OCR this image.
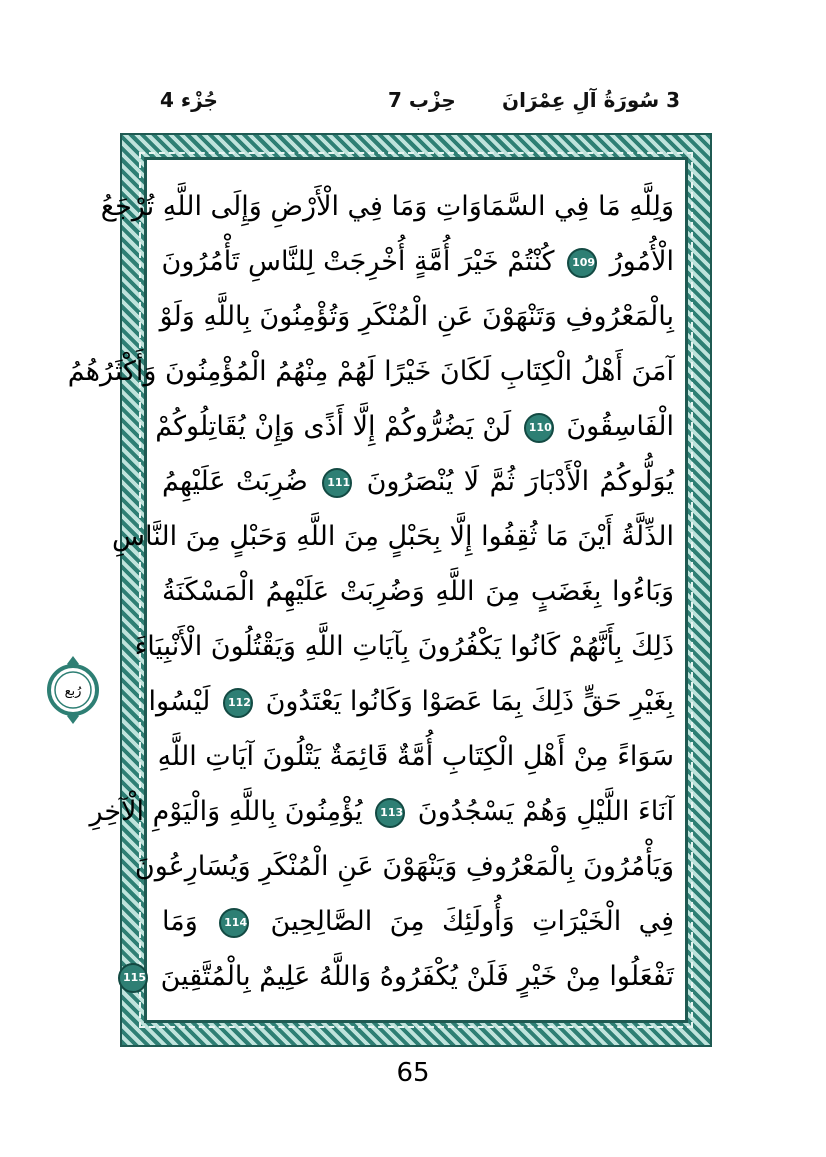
3 سُورَةُ آلِ عِمْرَانَ
حِزْب 7
جُزْء 4
وَلِلَّهِ مَا فِي السَّمَاوَاتِ وَمَا فِي الْأَرْضِ وَإِلَى اللَّهِ تُرْجَعُ
الْأُمُورُ 109 كُنْتُمْ خَيْرَ أُمَّةٍ أُخْرِجَتْ لِلنَّاسِ تَأْمُرُونَ
بِالْمَعْرُوفِ وَتَنْهَوْنَ عَنِ الْمُنْكَرِ وَتُؤْمِنُونَ بِاللَّهِ وَلَوْ
آمَنَ أَهْلُ الْكِتَابِ لَكَانَ خَيْرًا لَهُمْ مِنْهُمُ الْمُؤْمِنُونَ وَأَكْثَرُهُمُ
الْفَاسِقُونَ 110 لَنْ يَضُرُّوكُمْ إِلَّا أَذًى وَإِنْ يُقَاتِلُوكُمْ
يُوَلُّوكُمُ الْأَدْبَارَ ثُمَّ لَا يُنْصَرُونَ 111 ضُرِبَتْ عَلَيْهِمُ
الذِّلَّةُ أَيْنَ مَا ثُقِفُوا إِلَّا بِحَبْلٍ مِنَ اللَّهِ وَحَبْلٍ مِنَ النَّاسِ
وَبَاءُوا بِغَضَبٍ مِنَ اللَّهِ وَضُرِبَتْ عَلَيْهِمُ الْمَسْكَنَةُ
ذَلِكَ بِأَنَّهُمْ كَانُوا يَكْفُرُونَ بِآيَاتِ اللَّهِ وَيَقْتُلُونَ الْأَنْبِيَاءَ
بِغَيْرِ حَقٍّ ذَلِكَ بِمَا عَصَوْا وَكَانُوا يَعْتَدُونَ 112 لَيْسُوا
سَوَاءً مِنْ أَهْلِ الْكِتَابِ أُمَّةٌ قَائِمَةٌ يَتْلُونَ آيَاتِ اللَّهِ
آنَاءَ اللَّيْلِ وَهُمْ يَسْجُدُونَ 113 يُؤْمِنُونَ بِاللَّهِ وَالْيَوْمِ الْآخِرِ
وَيَأْمُرُونَ بِالْمَعْرُوفِ وَيَنْهَوْنَ عَنِ الْمُنْكَرِ وَيُسَارِعُونَ
فِي الْخَيْرَاتِ وَأُولَئِكَ مِنَ الصَّالِحِينَ 114 وَمَا
تَفْعَلُوا مِنْ خَيْرٍ فَلَنْ يُكْفَرُوهُ وَاللَّهُ عَلِيمٌ بِالْمُتَّقِينَ 115
رُبع
65
